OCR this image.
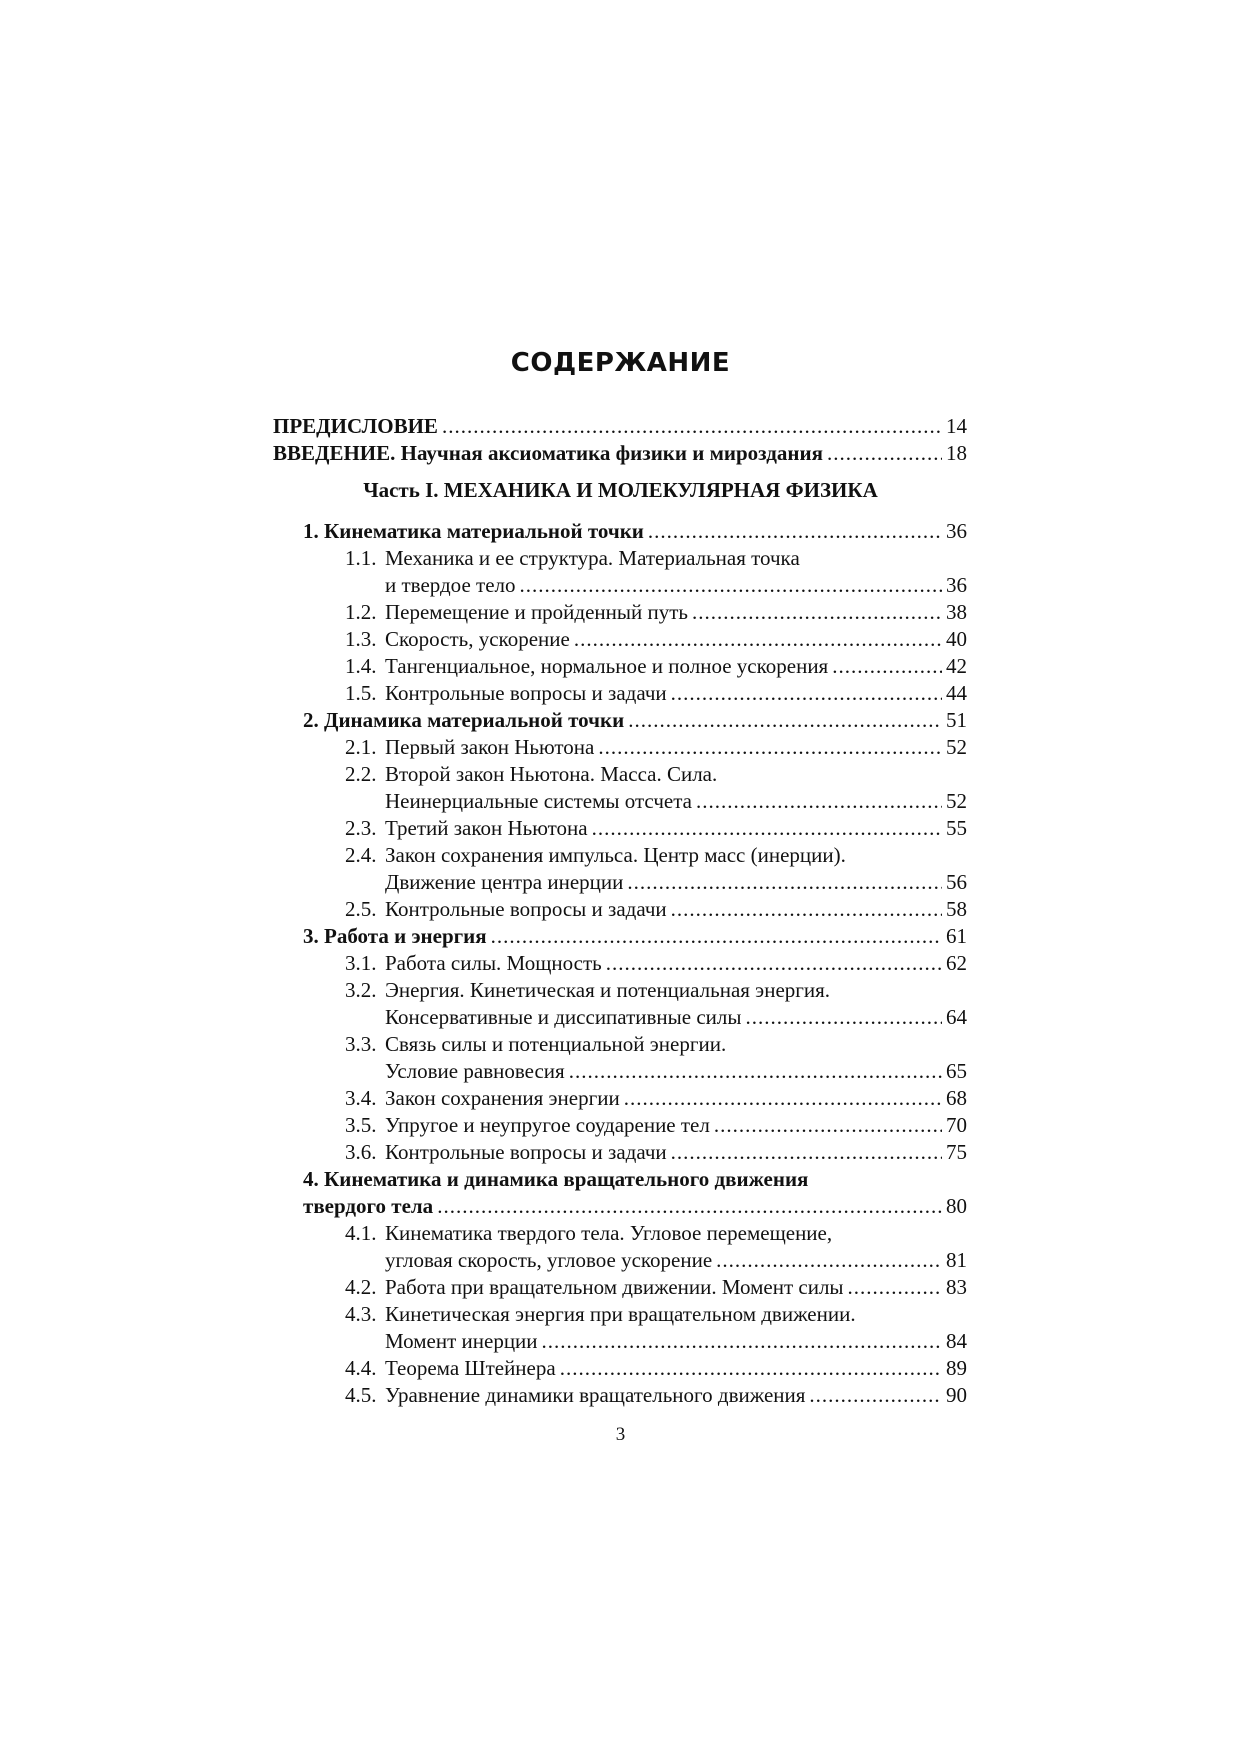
СОДЕРЖАНИЕ
ПРЕДИСЛОВИЕ .....	14
ВВЕДЕНИЕ. Научная аксиоматика физики и мироздания .....	18
Часть I. МЕХАНИКА И МОЛЕКУЛЯРНАЯ ФИЗИКА
1. Кинематика материальной точки .....	36
1.1. Механика и ее структура. Материальная точка
и твердое тело .....	36
1.2. Перемещение и пройденный путь .....	38
1.3. Скорость, ускорение .....	40
1.4. Тангенциальное, нормальное и полное ускорения .....	42
1.5. Контрольные вопросы и задачи .....	44
2. Динамика материальной точки .....	51
2.1. Первый закон Ньютона .....	52
2.2. Второй закон Ньютона. Масса. Сила.
Неинерциальные системы отсчета .....	52
2.3. Третий закон Ньютона .....	55
2.4. Закон сохранения импульса. Центр масс (инерции).
Движение центра инерции .....	56
2.5. Контрольные вопросы и задачи .....	58
3. Работа и энергия .....	61
3.1. Работа силы. Мощность .....	62
3.2. Энергия. Кинетическая и потенциальная энергия.
Консервативные и диссипативные силы .....	64
3.3. Связь силы и потенциальной энергии.
Условие равновесия .....	65
3.4. Закон сохранения энергии .....	68
3.5. Упругое и неупругое соударение тел .....	70
3.6. Контрольные вопросы и задачи .....	75
4. Кинематика и динамика вращательного движения
твердого тела .....	80
4.1. Кинематика твердого тела. Угловое перемещение,
угловая скорость, угловое ускорение .....	81
4.2. Работа при вращательном движении. Момент силы .....	83
4.3. Кинетическая энергия при вращательном движении.
Момент инерции .....	84
4.4. Теорема Штейнера .....	89
4.5. Уравнение динамики вращательного движения .....	90
3
